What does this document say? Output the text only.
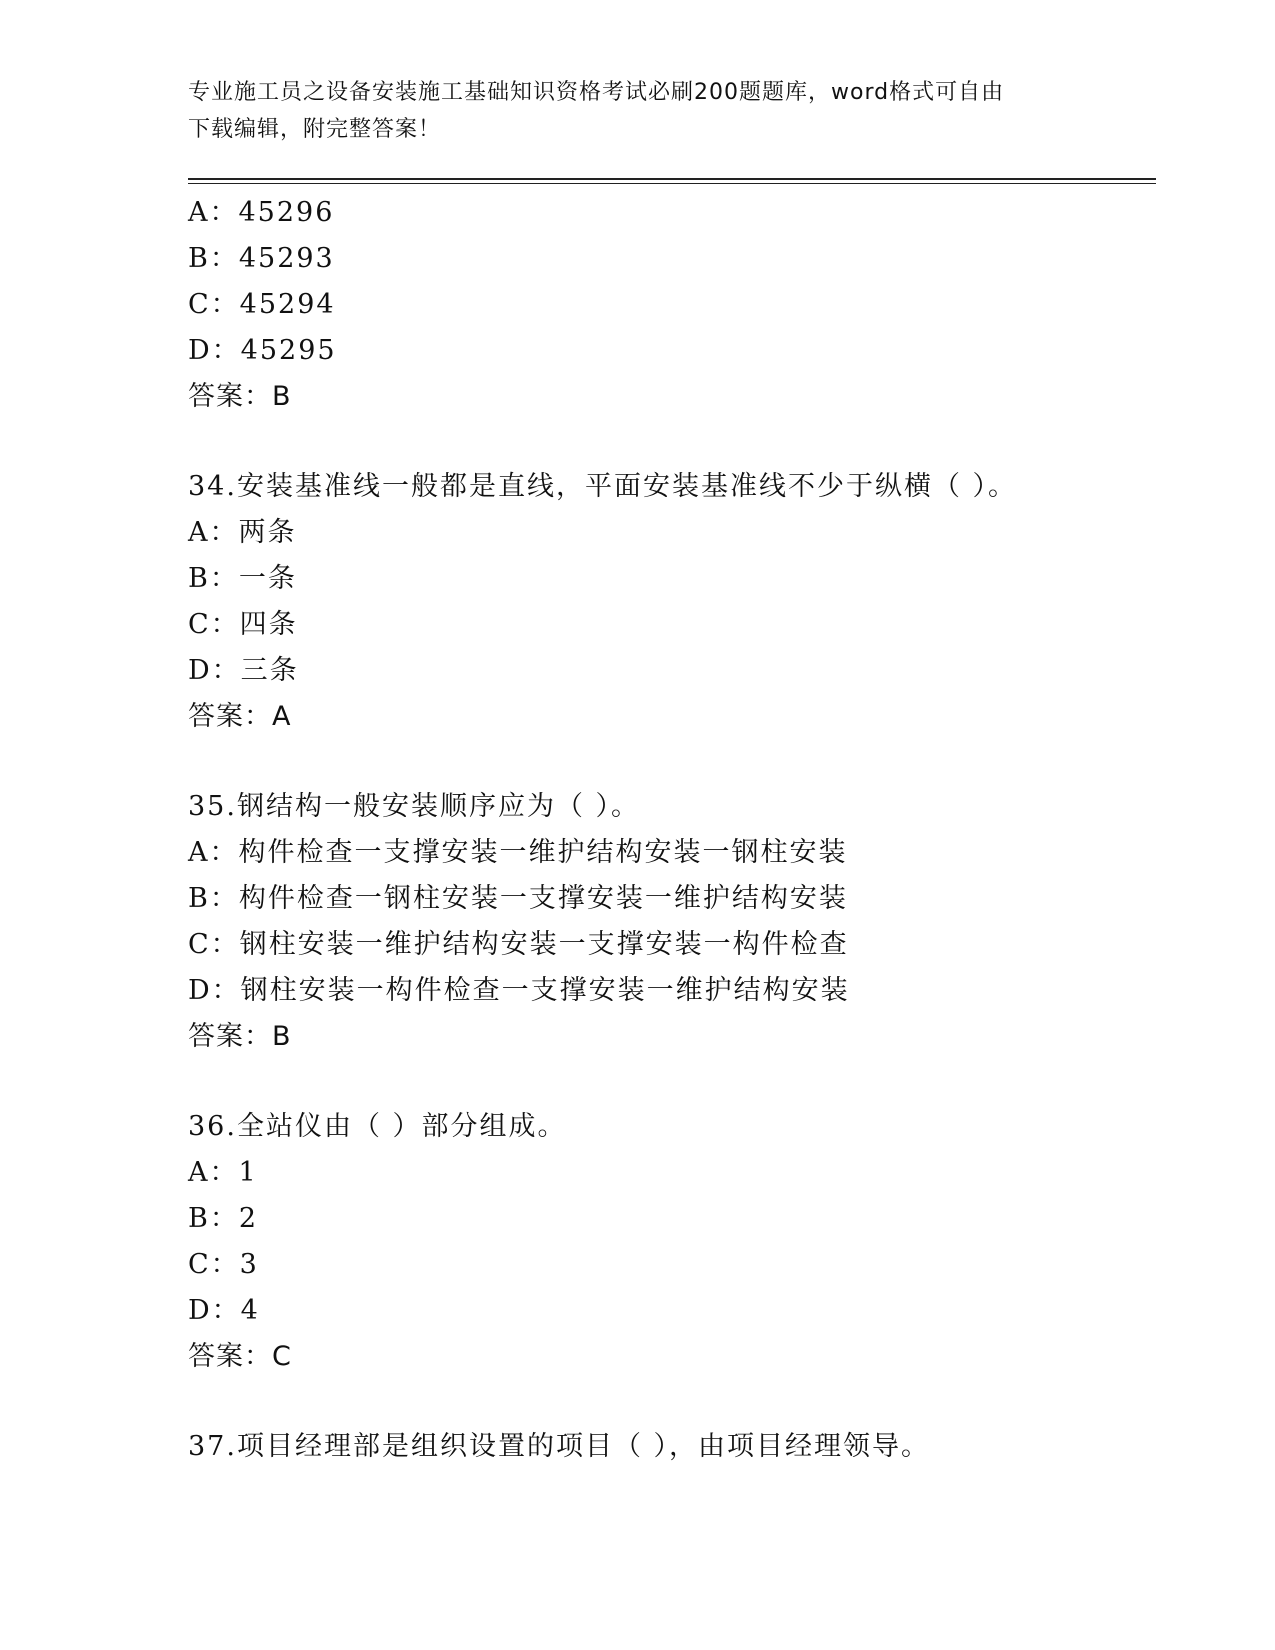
专业施工员之设备安装施工基础知识资格考试必刷200题题库，word格式可自由
下载编辑，附完整答案！
A：45296
B：45293
C：45294
D：45295
答案：B
34.安装基准线一般都是直线，平面安装基准线不少于纵横（ ）。
A：两条
B：一条
C：四条
D：三条
答案：A
35.钢结构一般安装顺序应为（ ）。
A：构件检查一支撑安装一维护结构安装一钢柱安装
B：构件检查一钢柱安装一支撑安装一维护结构安装
C：钢柱安装一维护结构安装一支撑安装一构件检查
D：钢柱安装一构件检查一支撑安装一维护结构安装
答案：B
36.全站仪由（ ）部分组成。
A：1
B：2
C：3
D：4
答案：C
37.项目经理部是组织设置的项目（ ），由项目经理领导。
